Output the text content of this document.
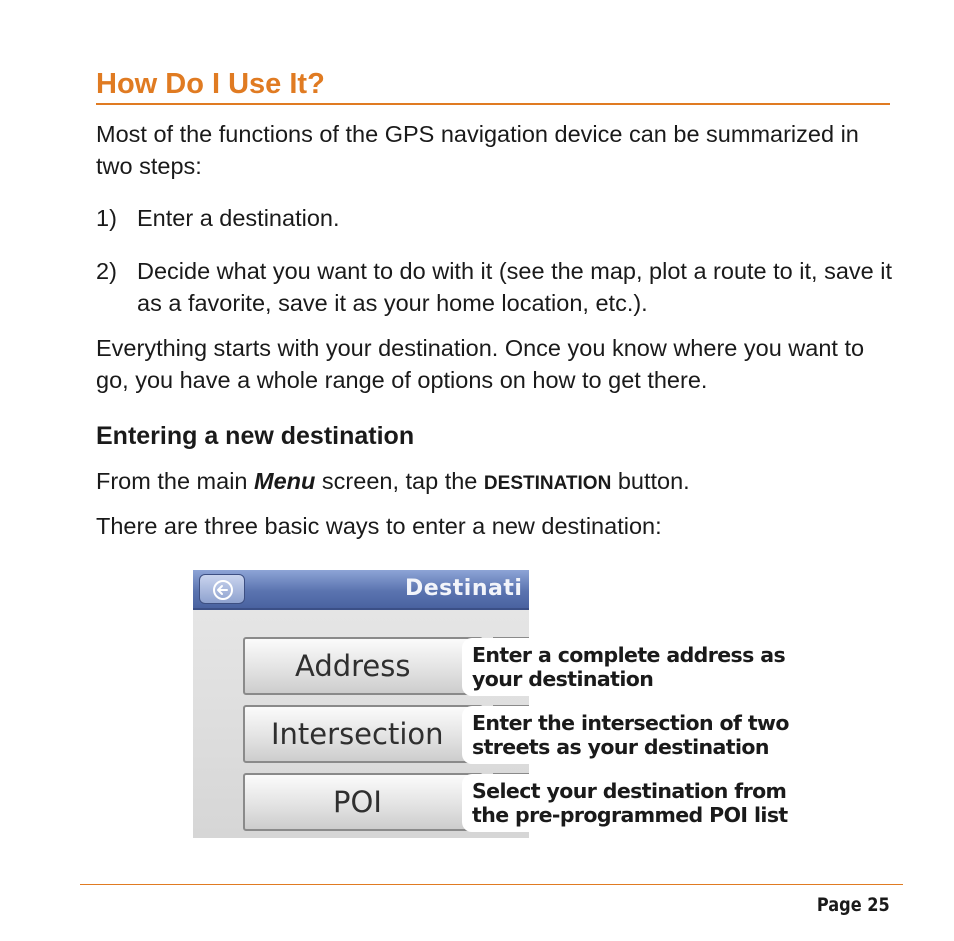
How Do I Use It?
Most of the functions of the GPS navigation device can be summarized in two steps:
1) Enter a destination.
2) Decide what you want to do with it (see the map, plot a route to it, save it as a favorite, save it as your home location, etc.).
Everything starts with your destination. Once you know where you want to go, you have a whole range of options on how to get there.
Entering a new destination
From the main Menu screen, tap the DESTINATION button.
There are three basic ways to enter a new destination:
Destinati
Address
Intersection
POI
Enter a complete address as your destination
Enter the intersection of two streets as your destination
Select your destination from the pre-programmed POI list
Page 25
